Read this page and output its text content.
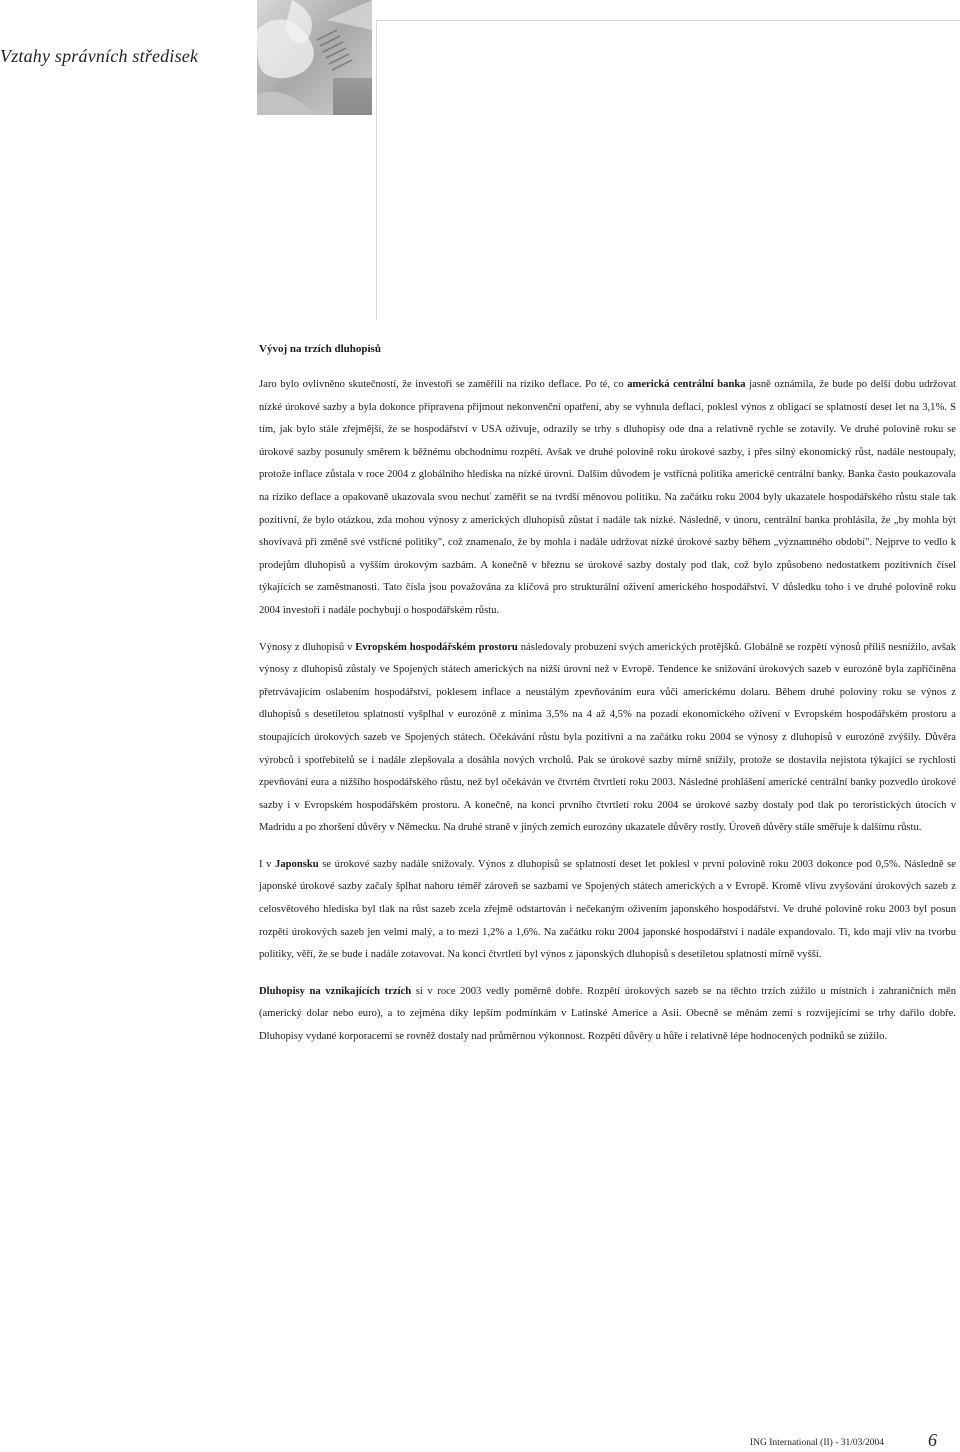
Vztahy správních středisek
Vývoj na trzích dluhopisů

Jaro bylo ovlivněno skutečností, že investoři se zaměřili na riziko deflace. Po té, co americká centrální banka jasně oznámila, že bude po delší dobu udržovat nízké úrokové sazby a byla dokonce připravena přijmout nekonvenční opatření, aby se vyhnula deflaci, poklesl výnos z obligací se splatností deset let na 3,1%. S tím, jak bylo stále zřejmější, že se hospodářství v USA oživuje, odrazily se trhy s dluhopisy ode dna a relativně rychle se zotavily. Ve druhé polovině roku se úrokové sazby posunuly směrem k běžnému obchodnímu rozpětí. Avšak ve druhé polovině roku úrokové sazby, i přes silný ekonomický růst, nadále nestoupaly, protože inflace zůstala v roce 2004 z globálního hlediska na nízké úrovni. Dalším důvodem je vstřícná politika americké centrální banky. Banka často poukazovala na riziko deflace a opakovaně ukazovala svou nechuť zaměřit se na tvrdší měnovou politiku. Na začátku roku 2004 byly ukazatele hospodářského růstu stale tak pozitivní, že bylo otázkou, zda mohou výnosy z amerických dluhopisů zůstat i nadále tak nízké. Následně, v únoru, centrální banka prohlásila, že „by mohla být shovívavá při změně své vstřícné politiky", což znamenalo, že by mohla i nadále udržovat nízké úrokové sazby během „významného období". Nejprve to vedlo k prodejům dluhopisů a vyšším úrokovým sazbám. A konečně v březnu se úrokové sazby dostaly pod tlak, což bylo způsobeno nedostatkem pozitivních čísel týkajících se zaměstnanosti. Tato čísla jsou považována za klíčová pro strukturální oživení amerického hospodářství. V důsledku toho i ve druhé polovině roku 2004 investoři i nadále pochybují o hospodářském růstu.

Výnosy z dluhopisů v Evropském hospodářském prostoru následovaly probuzení svých amerických protějšků. Globálně se rozpětí výnosů příliš nesnížilo, avšak výnosy z dluhopisů zůstaly ve Spojených státech amerických na nižší úrovni než v Evropě. Tendence ke snižování úrokových sazeb v eurozóně byla zapříčiněna přetrvávajícím oslabením hospodářství, poklesem inflace a neustálým zpevňováním eura vůči americkému dolaru. Během druhé poloviny roku se výnos z dluhopisů s desetiletou splatností vyšplhal v eurozóně z minima 3,5% na 4 až 4,5% na pozadí ekonomického oživení v Evropském hospodářském prostoru a stoupajících úrokových sazeb ve Spojených státech. Očekávání růstu byla pozitivní a na začátku roku 2004 se výnosy z dluhopisů v eurozóně zvýšily. Důvěra výrobců i spotřebitelů se i nadále zlepšovala a dosáhla nových vrcholů. Pak se úrokové sazby mírně snížily, protože se dostavila nejistota týkající se rychlosti zpevňování eura a nižšího hospodářského růstu, než byl očekáván ve čtvrtém čtvrtletí roku 2003. Následné prohlášení americké centrální banky pozvedlo úrokové sazby i v Evropském hospodářském prostoru. A konečně, na konci prvního čtvrtletí roku 2004 se úrokové sazby dostaly pod tlak po teroristických útocích v Madridu a po zhoršení důvěry v Německu. Na druhé straně v jiných zemích eurozóny ukazatele důvěry rostly. Úroveň důvěry stále směřuje k dalšímu růstu.

I v Japonsku se úrokové sazby nadále snižovaly. Výnos z dluhopisů se splatností deset let poklesl v první polovině roku 2003 dokonce pod 0,5%. Následně se japonské úrokové sazby začaly šplhat nahoru téměř zároveň se sazbami ve Spojených státech amerických a v Evropě. Kromě vlivu zvyšování úrokových sazeb z celosvětového hlediska byl tlak na růst sazeb zcela zřejmě odstartován i nečekaným oživením japonského hospodářství. Ve druhé polovině roku 2003 byl posun rozpětí úrokových sazeb jen velmi malý, a to mezi 1,2% a 1,6%. Na začátku roku 2004 japonské hospodářství i nadále expandovalo. Ti, kdo mají vliv na tvorbu politiky, věří, že se bude i nadále zotavovat. Na konci čtvrtletí byl výnos z japonských dluhopisů s desetiletou splatností mírně vyšší.

Dluhopisy na vznikajících trzích si v roce 2003 vedly poměrně dobře. Rozpětí úrokových sazeb se na těchto trzích zúžilo u místních i zahraničních měn (americký dolar nebo euro), a to zejména díky lepším podmínkám v Latinské Americe a Asii. Obecně se měnám zemí s rozvíjejícími se trhy dařilo dobře. Dluhopisy vydané korporacemi se rovněž dostaly nad průměrnou výkonnost. Rozpětí důvěry u hůře i relativně lépe hodnocených podniků se zúžilo.

ING International (II) - 31/03/2004 6
